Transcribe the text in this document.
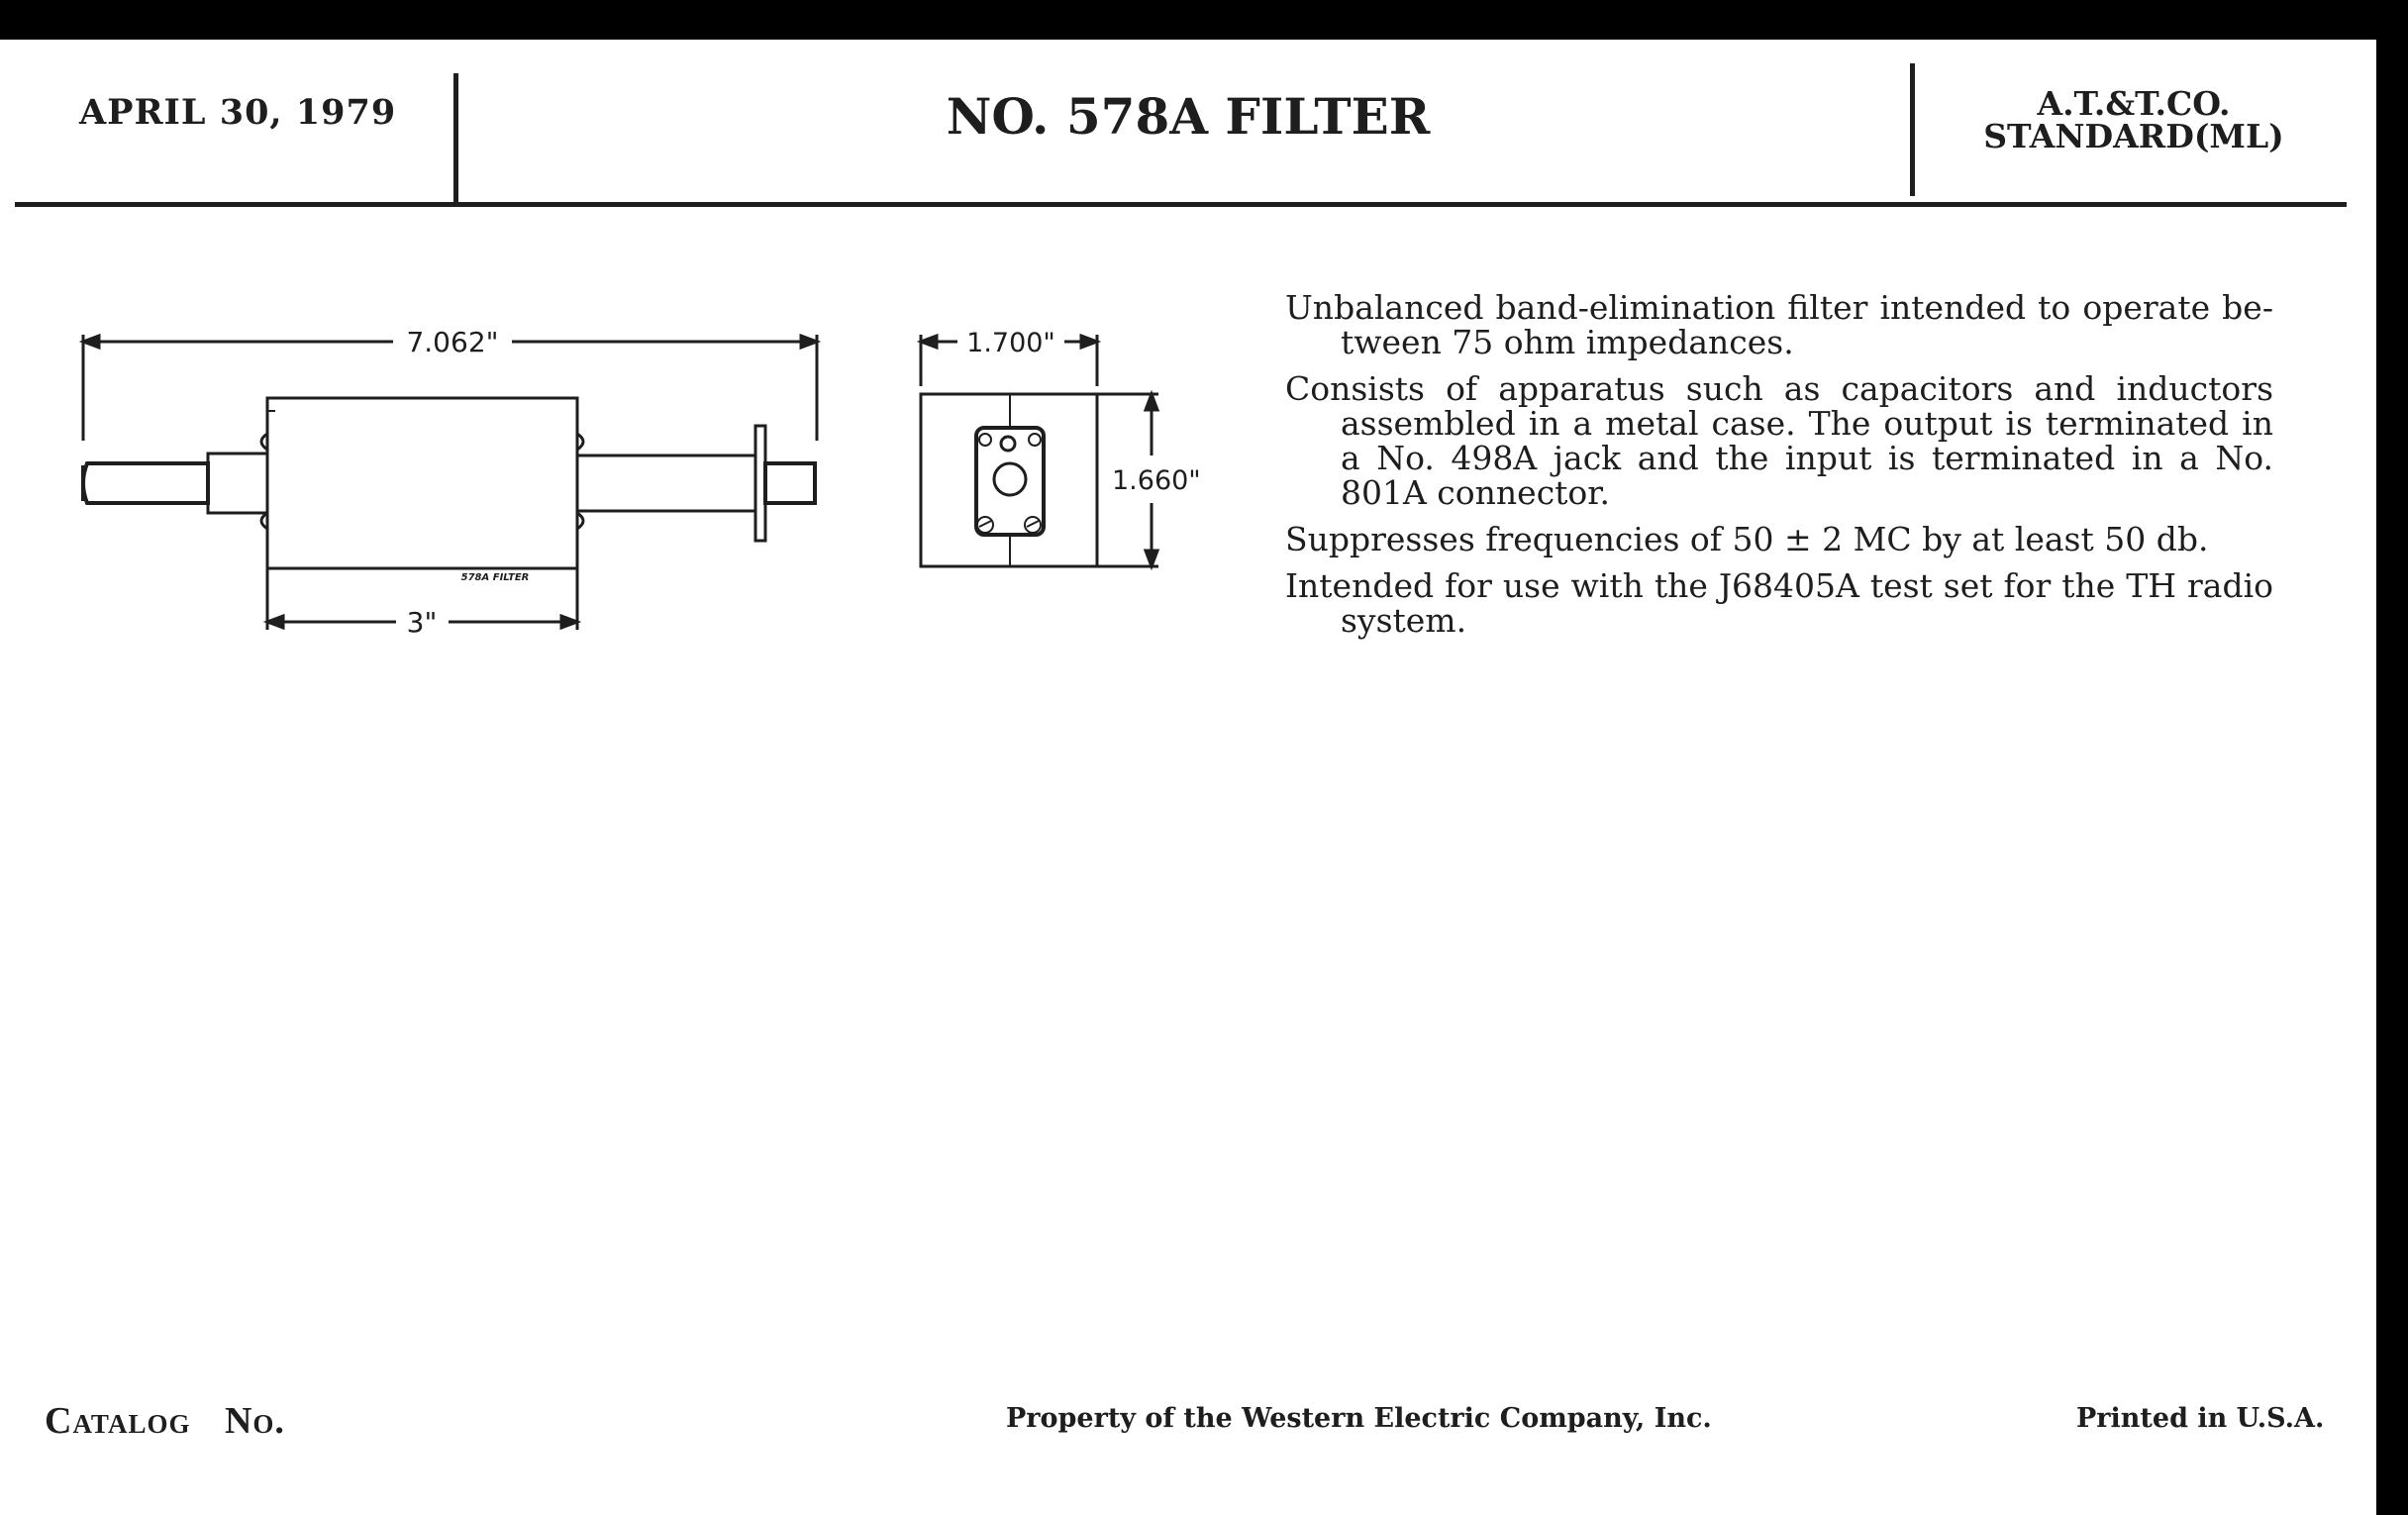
APRIL 30, 1979	NO. 578A FILTER	A.T.&T.CO.
STANDARD(ML)
7.062"
3"
578A FILTER
1.700"
1.660"

Unbalanced band-elimination filter intended to operate be- tween 75 ohm impedances.

Consists of apparatus such as capacitors and inductors assembled in a metal case. The output is terminated in a No. 498A jack and the input is terminated in a No. 801A connector.

Suppresses frequencies of 50 ± 2 MC by at least 50 db.

Intended for use with the J68405A test set for the TH radio system.

Catalog No.	Property of the Western Electric Company, Inc.	Printed in U.S.A.
